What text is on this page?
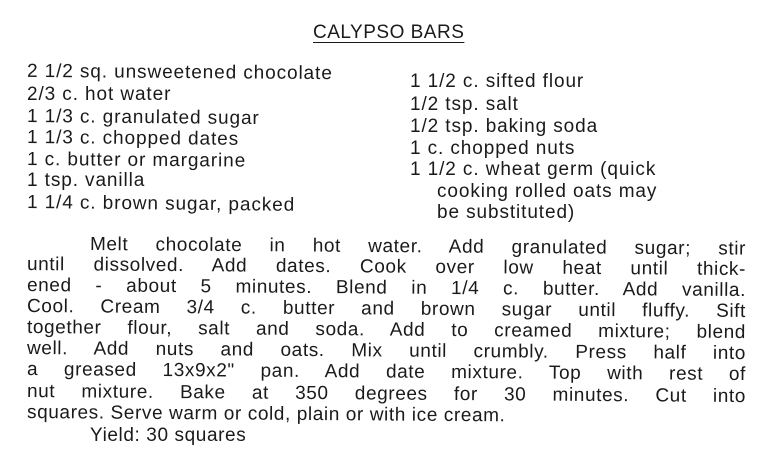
CALYPSO BARS
2 1/2 sq. unsweetened chocolate
2/3 c. hot water
1 1/3 c. granulated sugar
1 1/3 c. chopped dates
1 c. butter or margarine
1 tsp. vanilla
1 1/4 c. brown sugar, packed
1 1/2 c. sifted flour
1/2 tsp. salt
1/2 tsp. baking soda
1 c. chopped nuts
1 1/2 c. wheat germ (quick
cooking rolled oats may
be substituted)
Melt chocolate in hot water. Add granulated sugar; stir
until dissolved. Add dates. Cook over low heat until thick-
ened - about 5 minutes. Blend in 1/4 c. butter. Add vanilla.
Cool. Cream 3/4 c. butter and brown sugar until fluffy. Sift
together flour, salt and soda. Add to creamed mixture; blend
well. Add nuts and oats. Mix until crumbly. Press half into
a greased 13x9x2" pan. Add date mixture. Top with rest of
nut mixture. Bake at 350 degrees for 30 minutes. Cut into
squares. Serve warm or cold, plain or with ice cream.
Yield: 30 squares
